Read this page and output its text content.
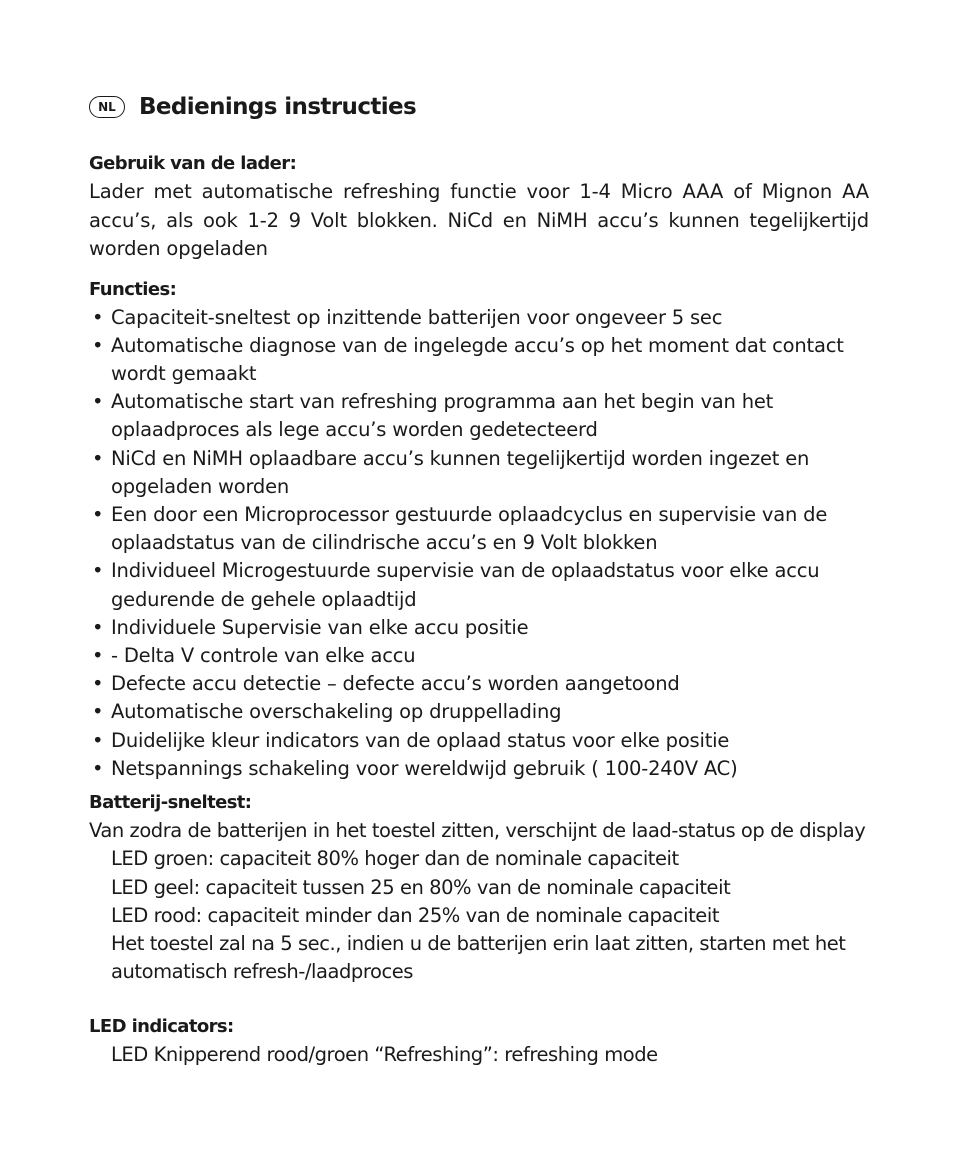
NL	Bedienings instructies
Gebruik van de lader:

Lader met automatische refreshing functie voor 1-4 Micro AAA of Mignon AA accu’s, als ook 1-2 9 Volt blokken. NiCd en NiMH accu’s kunnen tegelijkertijd worden opgeladen

Functies:
• Capaciteit-sneltest op inzittende batterijen voor ongeveer 5 sec
• Automatische diagnose van de ingelegde accu’s op het moment dat contact wordt gemaakt
• Automatische start van refreshing programma aan het begin van het oplaadproces als lege accu’s worden gedetecteerd
• NiCd en NiMH oplaadbare accu’s kunnen tegelijkertijd worden ingezet en opgeladen worden
• Een door een Microprocessor gestuurde oplaadcyclus en supervisie van de oplaadstatus van de cilindrische accu’s en 9 Volt blokken
• Individueel Microgestuurde supervisie van de oplaadstatus voor elke accu gedurende de gehele oplaadtijd
• Individuele Supervisie van elke accu positie
• - Delta V controle van elke accu
• Defecte accu detectie – defecte accu’s worden aangetoond
• Automatische overschakeling op druppellading
• Duidelijke kleur indicators van de oplaad status voor elke positie
• Netspannings schakeling voor wereldwijd gebruik ( 100-240V AC)
Batterij-sneltest:
Van zodra de batterijen in het toestel zitten, verschijnt de laad-status op de display
LED groen: capaciteit 80% hoger dan de nominale capaciteit
LED geel: capaciteit tussen 25 en 80% van de nominale capaciteit
LED rood: capaciteit minder dan 25% van de nominale capaciteit
Het toestel zal na 5 sec., indien u de batterijen erin laat zitten, starten met het automatisch refresh-/laadproces
LED indicators:
LED Knipperend rood/groen “Refreshing”: refreshing mode
